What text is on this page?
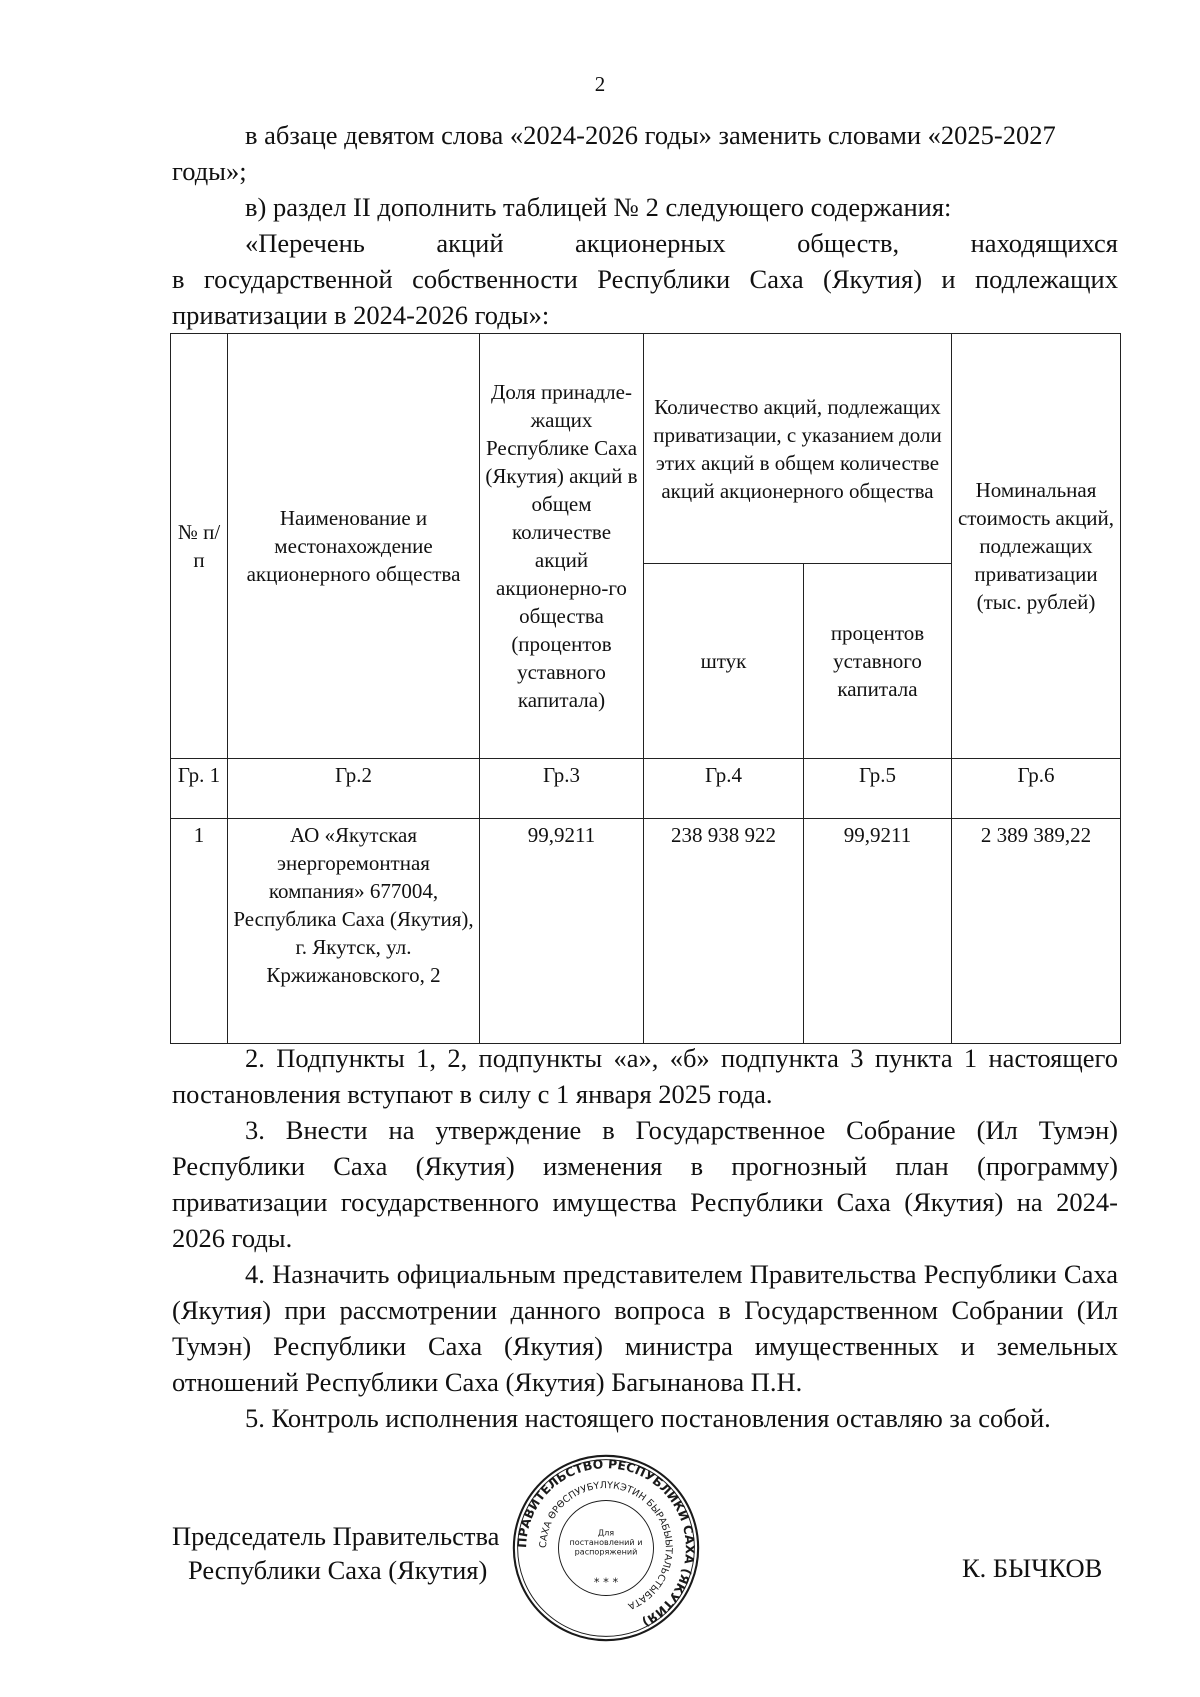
2

в абзаце девятом слова «2024-2026 годы» заменить словами «2025-2027

годы»;

в) раздел II дополнить таблицей № 2 следующего содержания:

«Перечень акций акционерных обществ, находящихся

в государственной собственности Республики Саха (Якутия) и подлежащих приватизации в 2024-2026 годы»:

№ п/п	Наименование и местонахождение акционерного общества	Доля принадле-жащих Республике Саха (Якутия) акций в общем количестве акций акционерно-го общества (процентов уставного капитала)	Количество акций, подлежащих приватизации, с указанием доли этих акций в общем количестве акций акционерного общества		Номинальная стоимость акций, подлежащих приватизации (тыс. рублей)
			штук	процентов уставного капитала	
Гр. 1	Гр.2	Гр.3	Гр.4	Гр.5	Гр.6
1	АО «Якутская энергоремонтная компания» 677004, Республика Саха (Якутия), г. Якутск, ул. Кржижановского, 2	99,9211	238 938 922	99,9211	2 389 389,22

2. Подпункты 1, 2, подпункты «а», «б» подпункта 3 пункта 1 настоящего постановления вступают в силу с 1 января 2025 года.

3. Внести на утверждение в Государственное Собрание (Ил Тумэн) Республики Саха (Якутия) изменения в прогнозный план (программу) приватизации государственного имущества Республики Саха (Якутия) на 2024-2026 годы.

4. Назначить официальным представителем Правительства Республики Саха (Якутия) при рассмотрении данного вопроса в Государственном Собрании (Ил Тумэн) Республики Саха (Якутия) министра имущественных и земельных отношений Республики Саха (Якутия) Багынанова П.Н.

5. Контроль исполнения настоящего постановления оставляю за собой.

Председатель Правительства
Республики Саха (Якутия)	К. БЫЧКОВ
ПРАВИТЕЛЬСТВО РЕСПУБЛИКИ САХА (ЯКУТИЯ)
САХА ӨРӨСПУУБҮЛҮКЭТИН БЫРАБЫЫТАЛЬСТЫБАТА
Для постановлений и распоряжений
* * *
